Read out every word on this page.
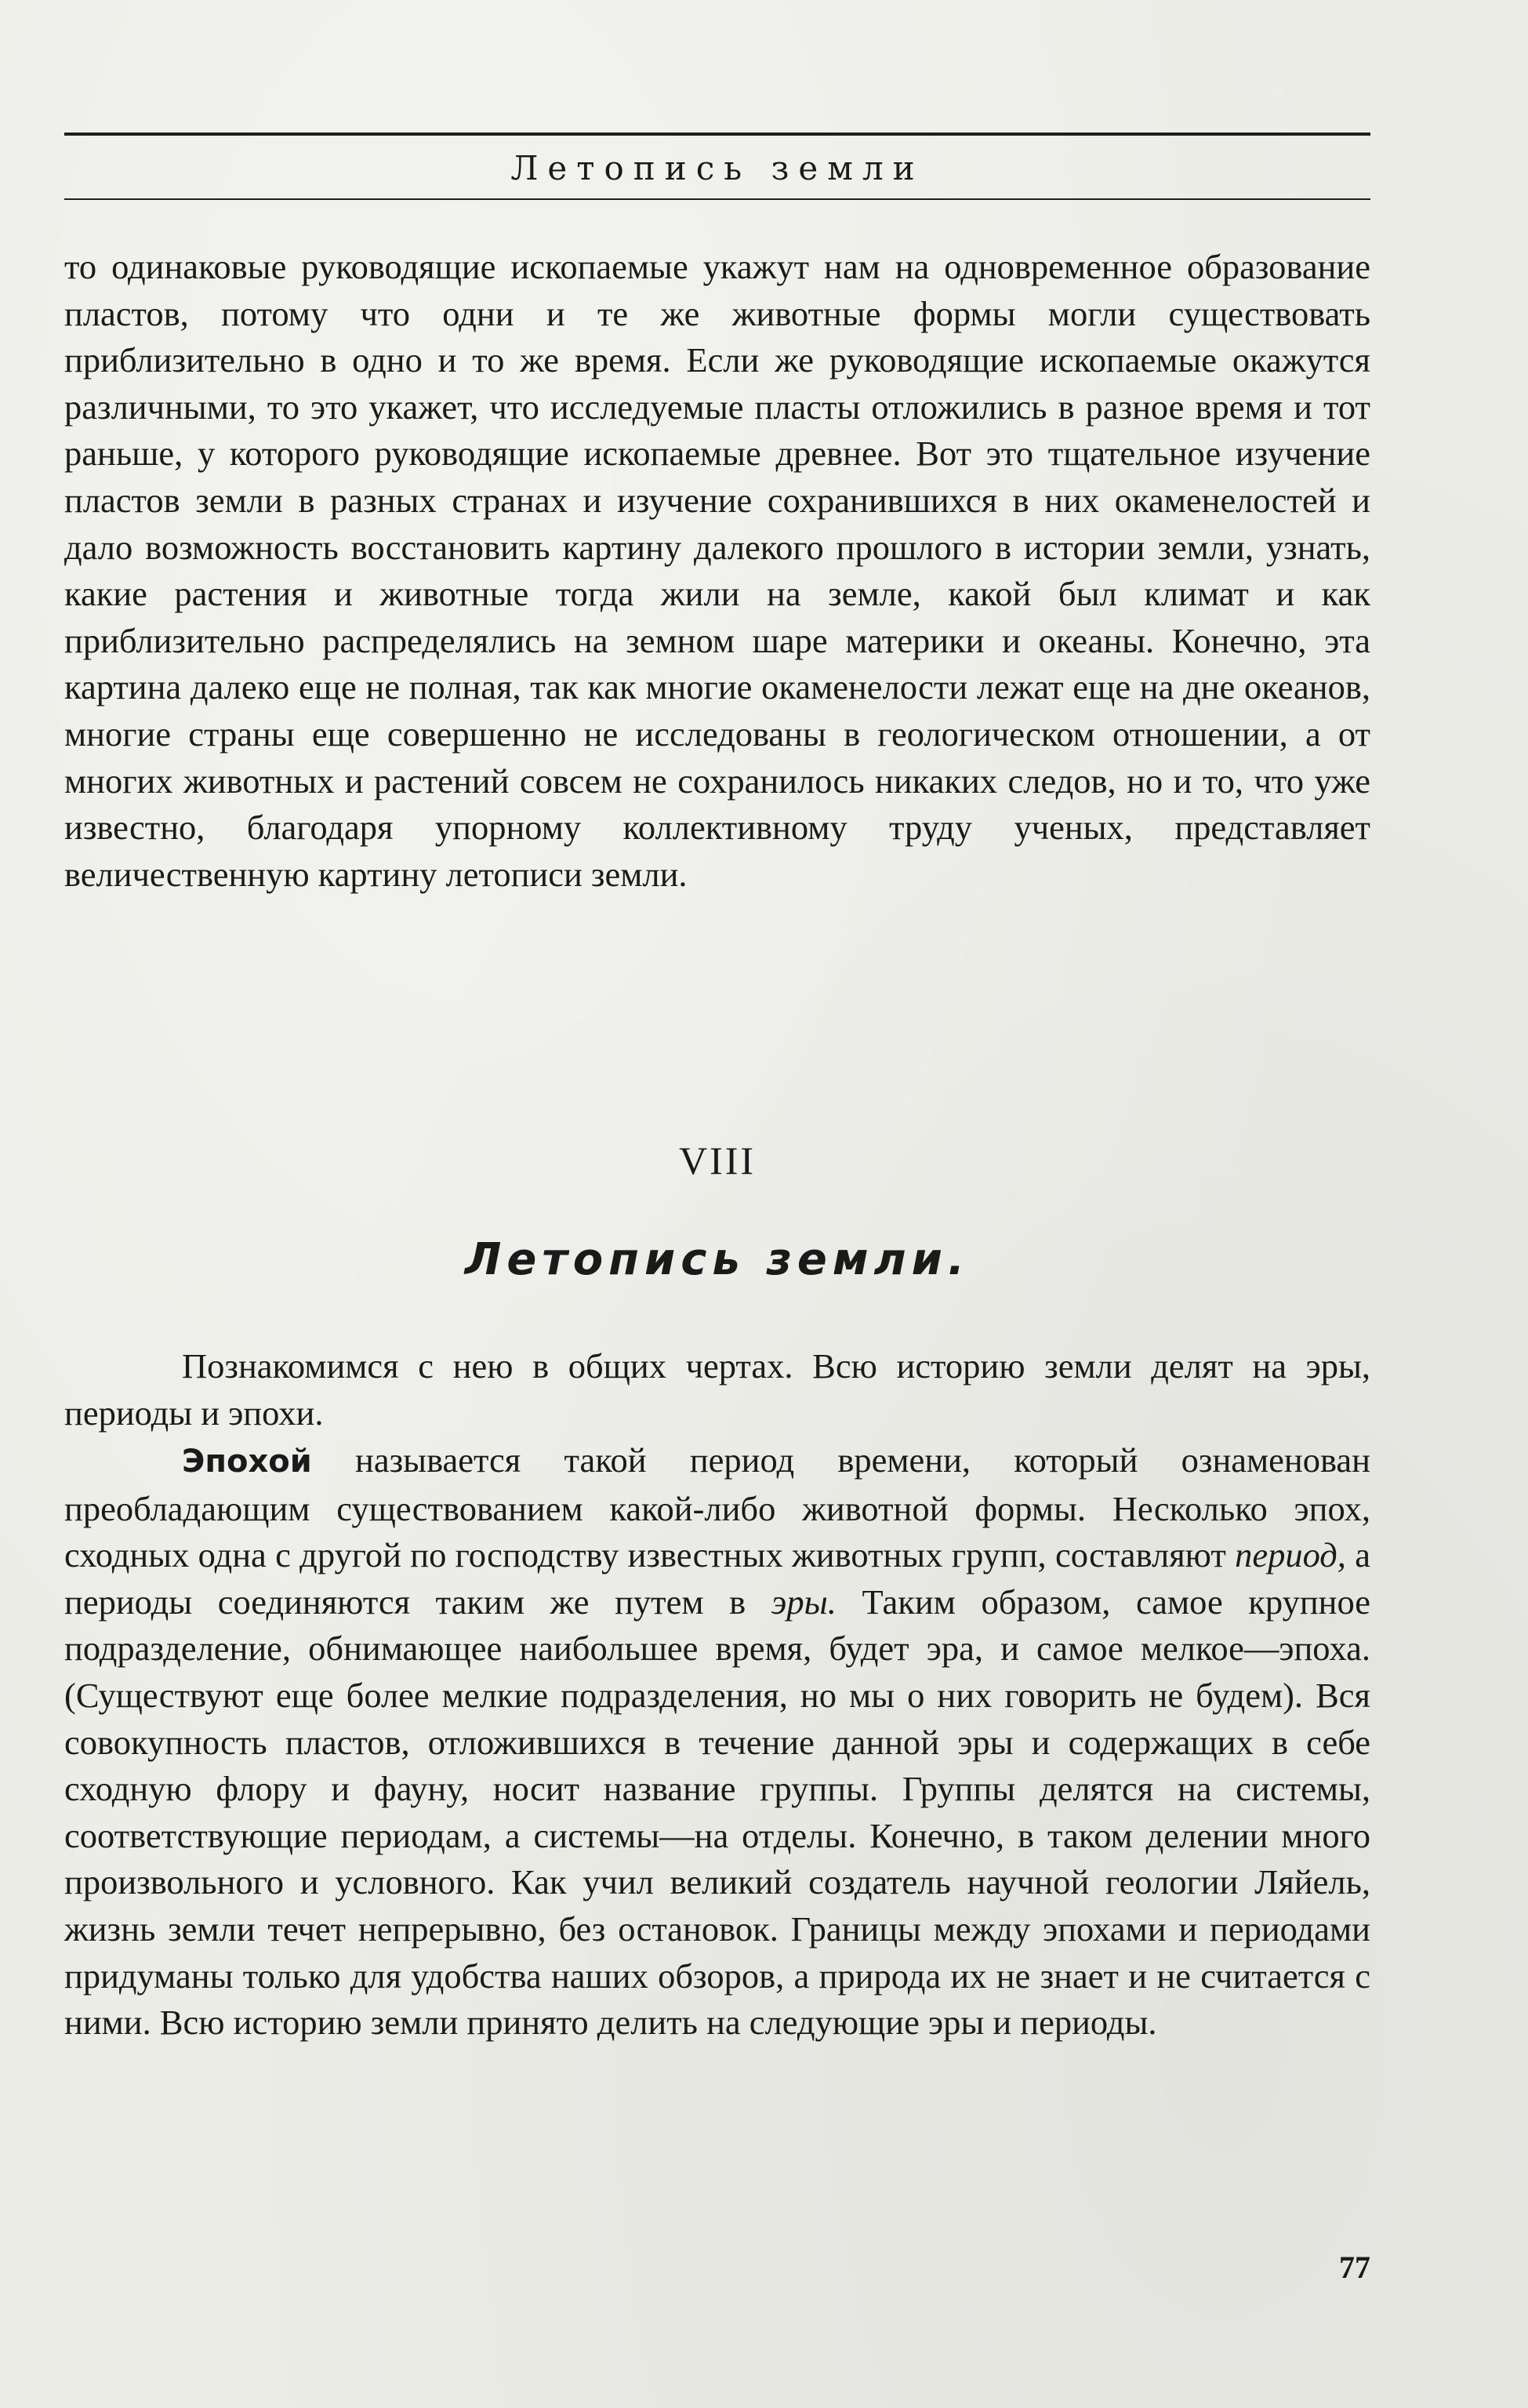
Летопись земли

то одинаковые руководящие ископаемые укажут нам на одновременное образование пластов, потому что одни и те же животные формы могли существовать приблизительно в одно и то же время. Если же руководящие ископаемые окажутся различными, то это укажет, что исследуемые пласты отложились в разное время и тот раньше, у которого руководящие ископаемые древнее. Вот это тщательное изучение пластов земли в разных странах и изучение сохранившихся в них окаменелостей и дало возможность восстановить картину далекого прошлого в истории земли, узнать, какие растения и животные тогда жили на земле, какой был климат и как приблизительно распределялись на земном шаре материки и океаны. Конечно, эта картина далеко еще не полная, так как многие окаменелости лежат еще на дне океанов, многие страны еще совершенно не исследованы в геологическом отношении, а от многих животных и растений совсем не сохранилось никаких следов, но и то, что уже известно, благодаря упорному коллективному труду ученых, представляет величественную картину летописи земли.

VIII
Летопись земли.

Познакомимся с нею в общих чертах. Всю историю земли делят на эры, периоды и эпохи.

Эпохой называется такой период времени, который ознаменован преобладающим существованием какой-либо животной формы. Несколько эпох, сходных одна с другой по господству известных животных групп, составляют период, а периоды соединяются таким же путем в эры. Таким образом, самое крупное подразделение, обнимающее наибольшее время, будет эра, и самое мелкое—эпоха. (Существуют еще более мелкие подразделения, но мы о них говорить не будем). Вся совокупность пластов, отложившихся в течение данной эры и содержащих в себе сходную флору и фауну, носит название группы. Группы делятся на системы, соответствующие периодам, а системы—на отделы. Конечно, в таком делении много произвольного и условного. Как учил великий создатель научной геологии Ляйель, жизнь земли течет непрерывно, без остановок. Границы между эпохами и периодами придуманы только для удобства наших обзоров, а природа их не знает и не считается с ними. Всю историю земли принято делить на следующие эры и периоды.

77
